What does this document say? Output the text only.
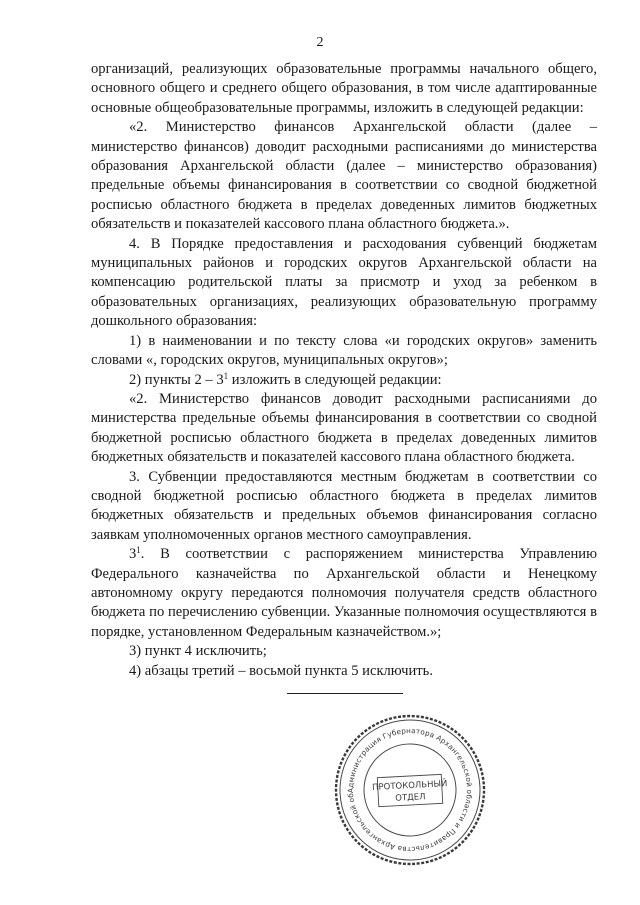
2

организаций, реализующих образовательные программы начального общего, основного общего и среднего общего образования, в том числе адаптированные основные общеобразовательные программы, изложить в следующей редакции:

«2. Министерство финансов Архангельской области (далее – министерство финансов) доводит расходными расписаниями до министерства образования Архангельской области (далее – министерство образования) предельные объемы финансирования в соответствии со сводной бюджетной росписью областного бюджета в пределах доведенных лимитов бюджетных обязательств и показателей кассового плана областного бюджета.».

4. В Порядке предоставления и расходования субвенций бюджетам муниципальных районов и городских округов Архангельской области на компенсацию родительской платы за присмотр и уход за ребенком в образовательных организациях, реализующих образовательную программу дошкольного образования:

1) в наименовании и по тексту слова «и городских округов» заменить словами «, городских округов, муниципальных округов»;

2) пункты $2 - 3^1$ изложить в следующей редакции:

«2. Министерство финансов доводит расходными расписаниями до министерства предельные объемы финансирования в соответствии со сводной бюджетной росписью областного бюджета в пределах доведенных лимитов бюджетных обязательств и показателей кассового плана областного бюджета.

3. Субвенции предоставляются местным бюджетам в соответствии со сводной бюджетной росписью областного бюджета в пределах лимитов бюджетных обязательств и предельных объемов финансирования согласно заявкам уполномоченных органов местного самоуправления.

$3^1$. В соответствии с распоряжением министерства Управлению Федерального казначейства по Архангельской области и Ненецкому автономному округу передаются полномочия получателя средств областного бюджета по перечислению субвенции. Указанные полномочия осуществляются в порядке, установленном Федеральным казначейством.»;

3) пункт 4 исключить;

4) абзацы третий – восьмой пункта 5 исключить.

Администрация Губернатора Архангельской области и Правительства Архангельской области Управление делами и мероприятиями протокола
ПРОТОКОЛЬНЫЙ
ОТДЕЛ
